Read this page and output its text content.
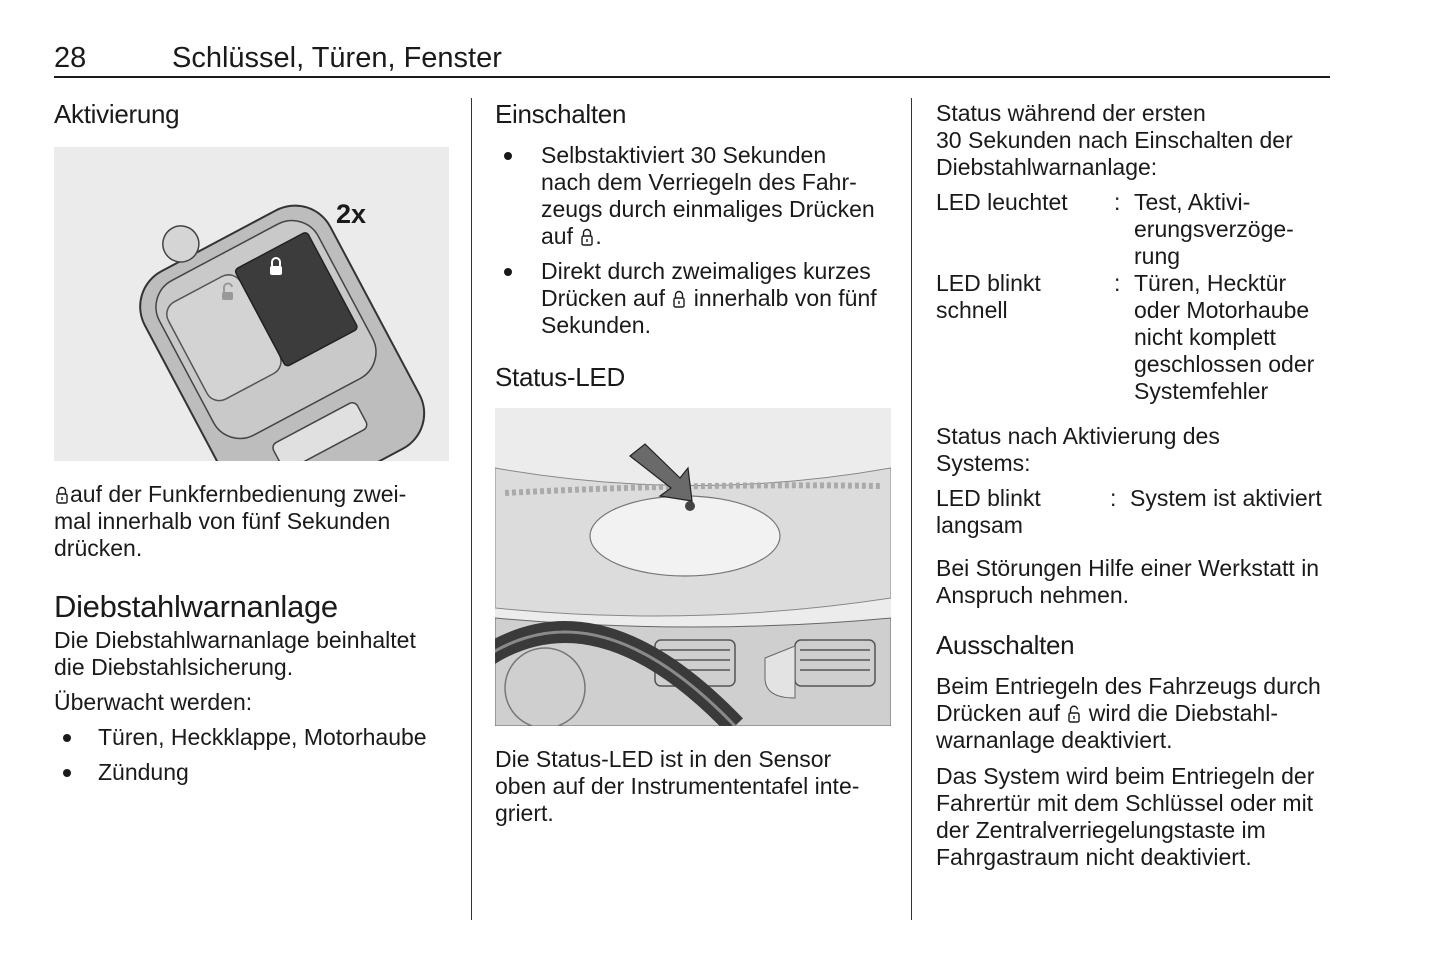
28	Schlüssel, Türen, Fenster
Aktivierung
2x

auf der Funkfernbedienung zwei-

mal innerhalb von fünf Sekunden

drücken.

Diebstahlwarnanlage

Die Diebstahlwarnanlage beinhaltet

die Diebstahlsicherung.

Überwacht werden:

Türen, Heckklappe, Motorhaube
Zündung
Einschalten
Selbstaktiviert 30 Sekunden
nach dem Verriegeln des Fahr-
zeugs durch einmaliges Drücken
auf .
Direkt durch zweimaliges kurzes
Drücken auf innerhalb von fünf
Sekunden.
Status-LED

Die Status-LED ist in den Sensor

oben auf der Instrumententafel inte-

griert.

Status während der ersten

30 Sekunden nach Einschalten der

Diebstahlwarnanlage:

LED leuchtet	: Test, Aktivi-
erungsverzöge-
rung
LED blinkt
schnell
: Türen, Hecktür
oder Motorhaube
nicht komplett
geschlossen oder
Systemfehler

Status nach Aktivierung des

Systems:

LED blinkt
langsam
: System ist aktiviert

Bei Störungen Hilfe einer Werkstatt in

Anspruch nehmen.

Ausschalten

Beim Entriegeln des Fahrzeugs durch

Drücken auf wird die Diebstahl-

warnanlage deaktiviert.

Das System wird beim Entriegeln der

Fahrertür mit dem Schlüssel oder mit

der Zentralverriegelungstaste im

Fahrgastraum nicht deaktiviert.
